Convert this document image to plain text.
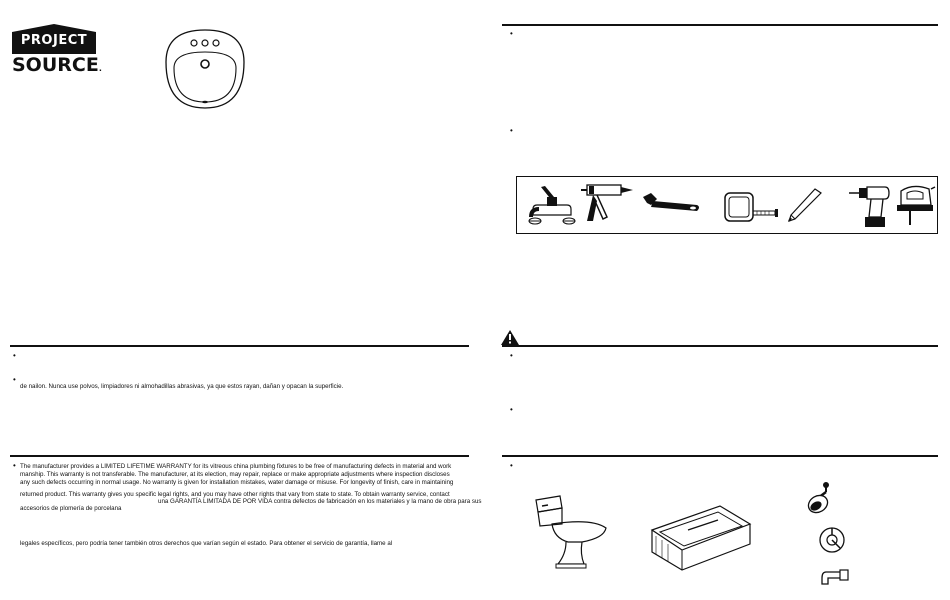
PROJECT
SOURCE.
•
•
de nailon. Nunca use polvos, limpiadores ni almohadillas abrasivas, ya que estos rayan, dañan y opacan la superficie.
• The manufacturer provides a LIMITED LIFETIME WARRANTY for its vitreous china plumbing fixtures to be free of manufacturing defects in material and work
manship. This warranty is not transferable. The manufacturer, at its election, may repair, replace or make appropriate adjustments where inspection discloses
any such defects occurring in normal usage. No warranty is given for installation mistakes, water damage or misuse. For longevity of finish, care in maintaining
returned product. This warranty gives you specific legal rights, and you may have other rights that vary from state to state. To obtain warranty service, contact
una GARANTÍA LIMITADA DE POR VIDA contra defectos de fabricación en los materiales y la mano de obra para sus
accesorios de plomería de porcelana
legales específicos, pero podría tener también otros derechos que varían según el estado. Para obtener el servicio de garantía, llame al
•
•
•
•
•
